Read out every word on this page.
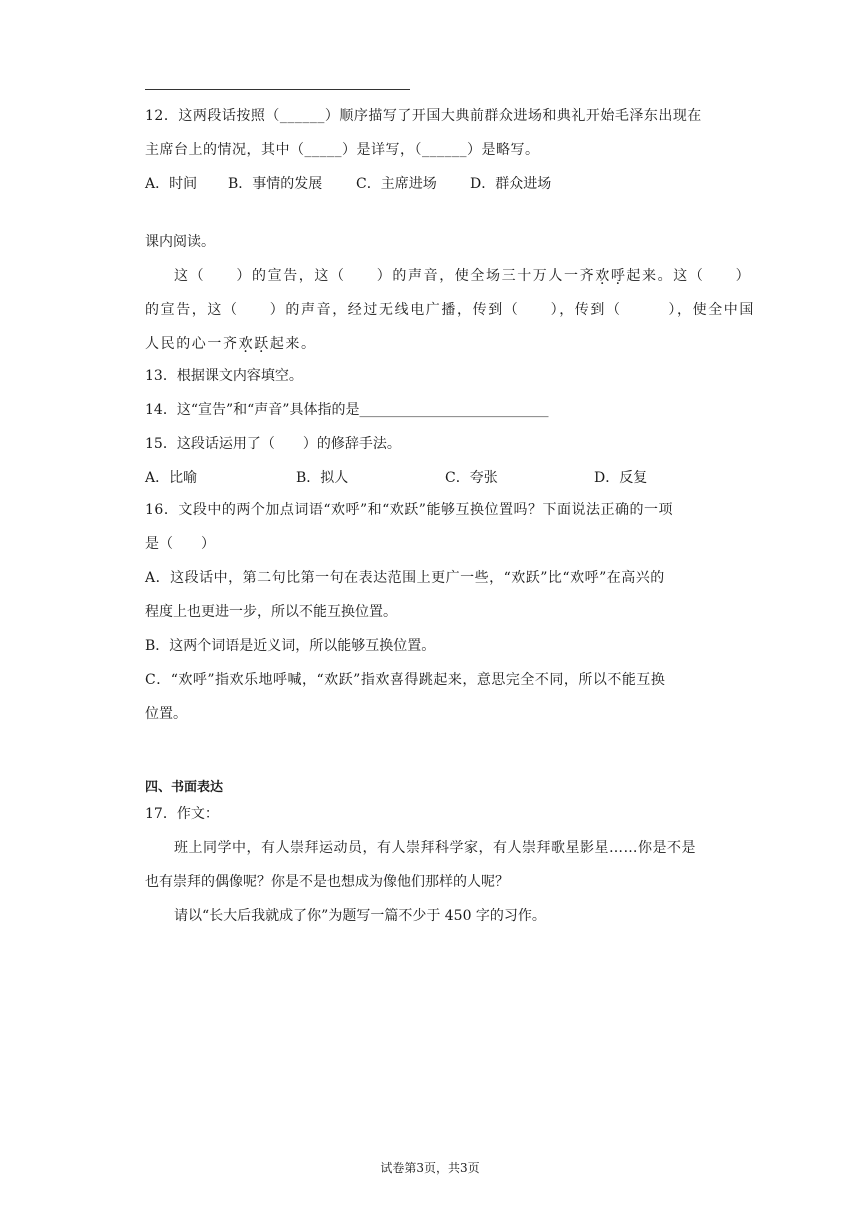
12．这两段话按照（______）顺序描写了开国大典前群众进场和典礼开始毛泽东出现在
主席台上的情况，其中（_____）是详写，（______）是略写。
A．时间 B．事情的发展 C．主席进场 D．群众进场
课内阅读。
这（　　）的宣告，这（　　）的声音，使全场三十万人一齐欢呼起来。这（　　）
的宣告，这（　　）的声音，经过无线电广播，传到（　　），传到（　　　），使全中国
人民的心一齐欢跃起来。
13．根据课文内容填空。
14．这“宣告”和“声音”具体指的是___________________________
15．这段话运用了（　　）的修辞手法。
A．比喻	B．拟人	C．夸张	D．反复
16．文段中的两个加点词语“欢呼”和“欢跃”能够互换位置吗？下面说法正确的一项
是（　　）
A．这段话中，第二句比第一句在表达范围上更广一些，“欢跃”比“欢呼”在高兴的
程度上也更进一步，所以不能互换位置。
B．这两个词语是近义词，所以能够互换位置。
C．“欢呼”指欢乐地呼喊，“欢跃”指欢喜得跳起来，意思完全不同，所以不能互换
位置。
四、书面表达
17．作文：
班上同学中，有人崇拜运动员，有人崇拜科学家，有人崇拜歌星影星……你是不是
也有崇拜的偶像呢？你是不是也想成为像他们那样的人呢？
请以“长大后我就成了你”为题写一篇不少于 450 字的习作。
试卷第3页，共3页
